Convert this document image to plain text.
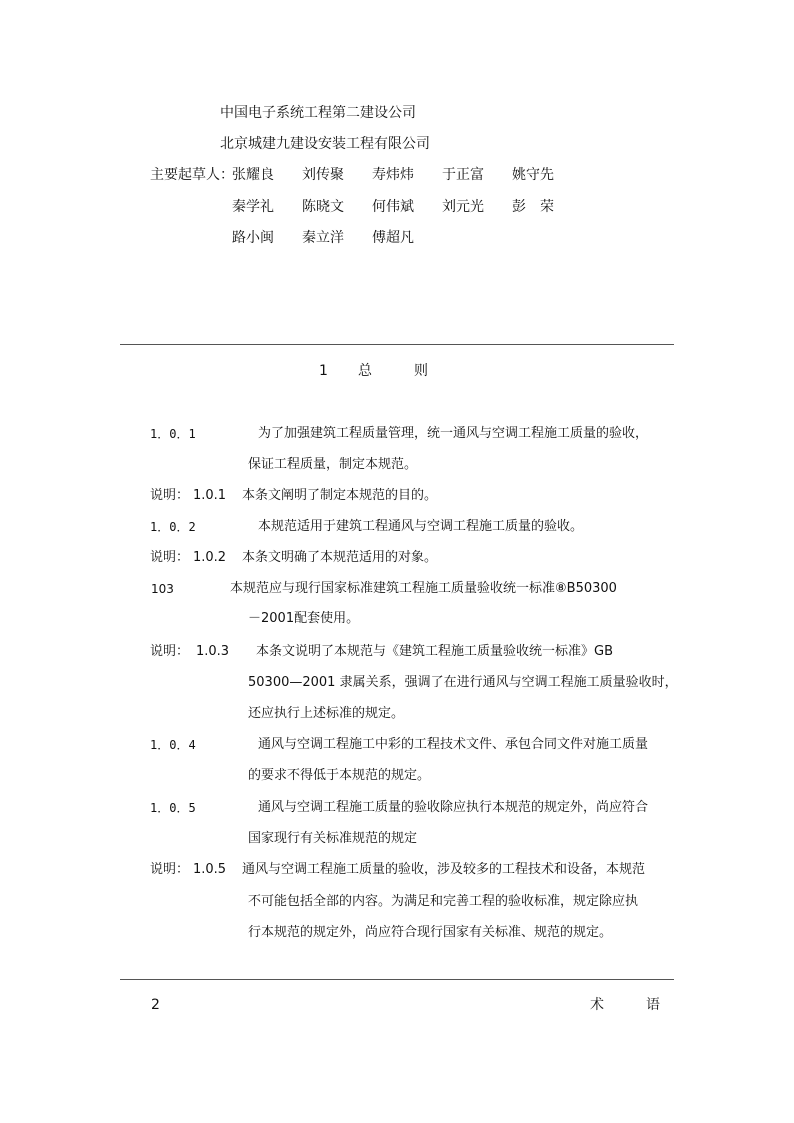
中国电子系统工程第二建设公司
北京城建九建设安装工程有限公司
主要起草人：
张耀良 刘传聚 寿炜炜 于正富 姚守先
秦学礼 陈晓文 何伟斌 刘元光 彭　荣
路小闽 秦立洋 傅超凡
1 总	则
1．0．1	为了加强建筑工程质量管理，统一通风与空调工程施工质量的验收，
保证工程质量，制定本规范。
说明： 1.0.1 本条文阐明了制定本规范的目的。
1．0．2	本规范适用于建筑工程通风与空调工程施工质量的验收。
说明： 1.0.2 本条文明确了本规范适用的对象。
103	本规范应与现行国家标准建筑工程施工质量验收统一标准⑧B50300
－2001配套使用。
说明： 1.0.3 本条文说明了本规范与《建筑工程施工质量验收统一标准》GB
50300—2001 隶属关系，强调了在进行通风与空调工程施工质量验收时，
还应执行上述标准的规定。
1．0．4	通风与空调工程施工中彩的工程技术文件、承包合同文件对施工质量
的要求不得低于本规范的规定。
1．0．5	通风与空调工程施工质量的验收除应执行本规范的规定外，尚应符合
国家现行有关标准规范的规定
说明： 1.0.5 通风与空调工程施工质量的验收，涉及较多的工程技术和设备，本规范
不可能包括全部的内容。为满足和完善工程的验收标准，规定除应执
行本规范的规定外，尚应符合现行国家有关标准、规范的规定。
2	术	语
